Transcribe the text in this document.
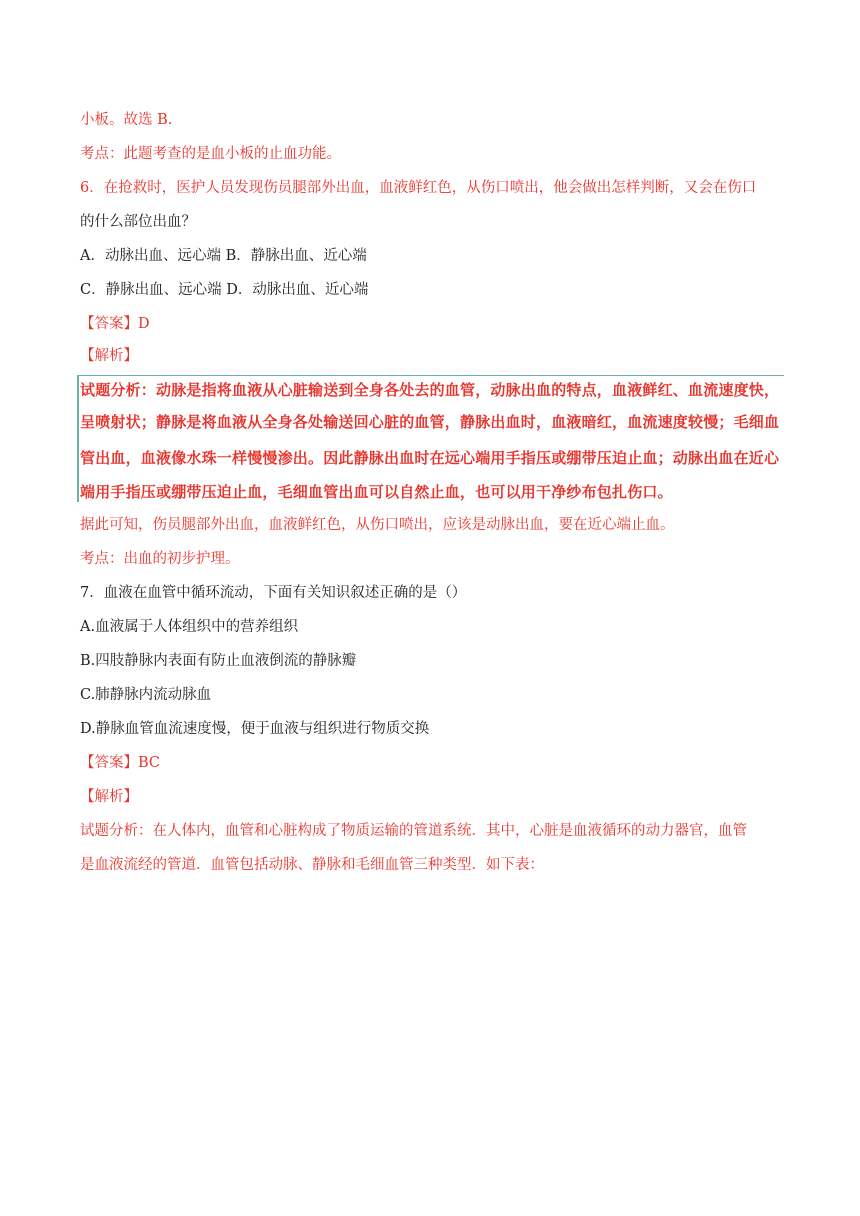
小板。故选 B.
考点：此题考查的是血小板的止血功能。
6．在抢救时，医护人员发现伤员腿部外出血，血液鲜红色，从伤口喷出，他会做出怎样判断，又会在伤口
的什么部位出血？
A．动脉出血、远心端 B．静脉出血、近心端
C．静脉出血、远心端 D．动脉出血、近心端
【答案】D
【解析】
试题分析：动脉是指将血液从心脏输送到全身各处去的血管，动脉出血的特点，血液鲜红、血流速度快，
呈喷射状；静脉是将血液从全身各处输送回心脏的血管，静脉出血时，血液暗红，血流速度较慢；毛细血
管出血，血液像水珠一样慢慢渗出。因此静脉出血时在远心端用手指压或绷带压迫止血；动脉出血在近心
端用手指压或绷带压迫止血，毛细血管出血可以自然止血，也可以用干净纱布包扎伤口。
据此可知，伤员腿部外出血，血液鲜红色，从伤口喷出，应该是动脉出血，要在近心端止血。
考点：出血的初步护理。
7．血液在血管中循环流动，下面有关知识叙述正确的是（）
A.血液属于人体组织中的营养组织
B.四肢静脉内表面有防止血液倒流的静脉瓣
C.肺静脉内流动脉血
D.静脉血管血流速度慢，便于血液与组织进行物质交换
【答案】BC
【解析】
试题分析：在人体内，血管和心脏构成了物质运输的管道系统．其中，心脏是血液循环的动力器官，血管
是血液流经的管道．血管包括动脉、静脉和毛细血管三种类型．如下表：
